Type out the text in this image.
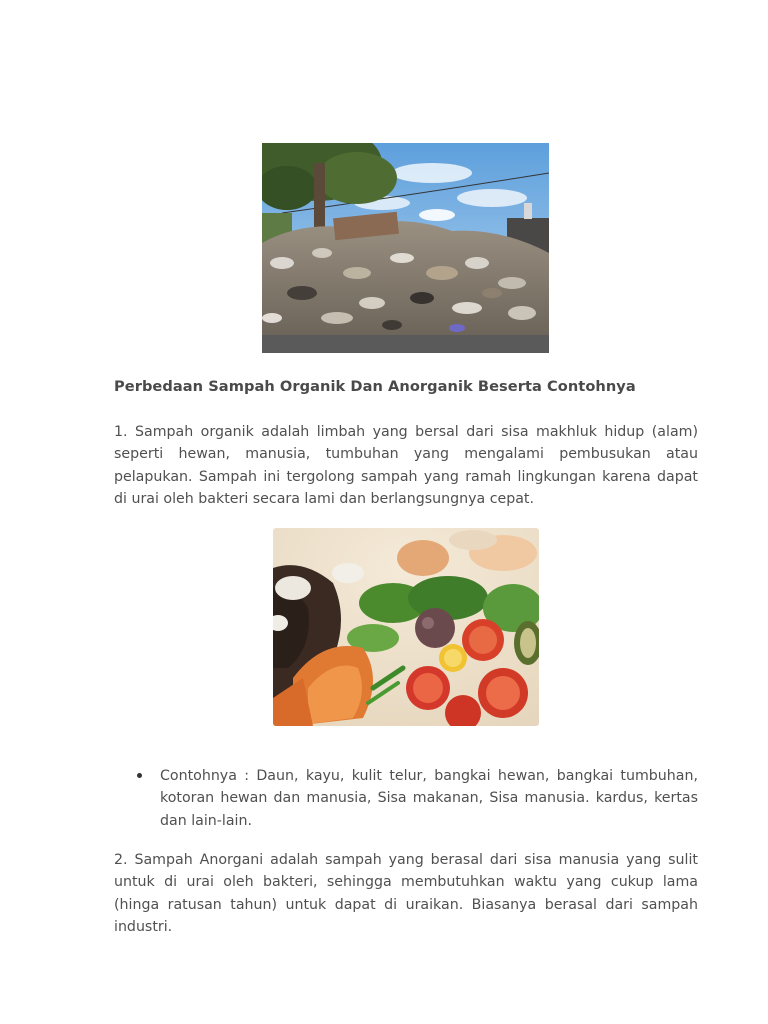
Perbedaan Sampah Organik Dan Anorganik Beserta Contohnya

1. Sampah organik adalah limbah yang bersal dari sisa makhluk hidup (alam) seperti hewan, manusia, tumbuhan yang mengalami pembusukan atau pelapukan. Sampah ini tergolong sampah yang ramah lingkungan karena dapat di urai oleh bakteri secara lami dan berlangsungnya cepat.

Contohnya : Daun, kayu, kulit telur, bangkai hewan, bangkai tumbuhan, kotoran hewan dan manusia, Sisa makanan, Sisa manusia. kardus, kertas dan lain-lain.

2. Sampah Anorgani adalah sampah yang berasal dari sisa manusia yang sulit untuk di urai oleh bakteri, sehingga membutuhkan waktu yang cukup lama (hinga ratusan tahun) untuk dapat di uraikan. Biasanya berasal dari sampah industri.
